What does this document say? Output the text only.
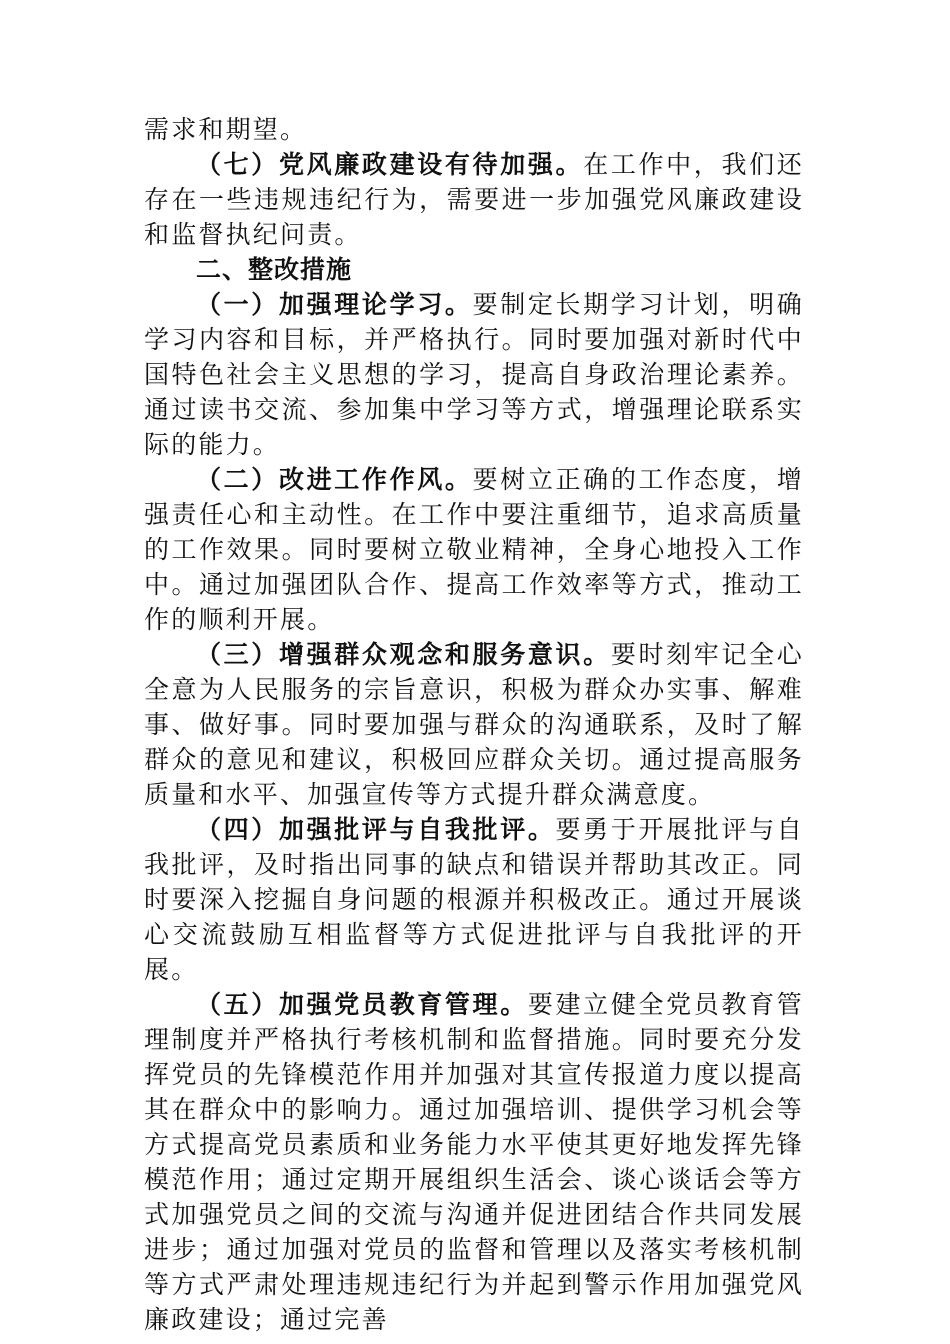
需求和期望。

（七）党风廉政建设有待加强。在工作中，我们还存在一些违规违纪行为，需要进一步加强党风廉政建设和监督执纪问责。

二、整改措施

（一）加强理论学习。要制定长期学习计划，明确学习内容和目标，并严格执行。同时要加强对新时代中国特色社会主义思想的学习，提高自身政治理论素养。通过读书交流、参加集中学习等方式，增强理论联系实际的能力。

（二）改进工作作风。要树立正确的工作态度，增强责任心和主动性。在工作中要注重细节，追求高质量的工作效果。同时要树立敬业精神，全身心地投入工作中。通过加强团队合作、提高工作效率等方式，推动工作的顺利开展。

（三）增强群众观念和服务意识。要时刻牢记全心全意为人民服务的宗旨意识，积极为群众办实事、解难事、做好事。同时要加强与群众的沟通联系，及时了解群众的意见和建议，积极回应群众关切。通过提高服务质量和水平、加强宣传等方式提升群众满意度。

（四）加强批评与自我批评。要勇于开展批评与自我批评，及时指出同事的缺点和错误并帮助其改正。同时要深入挖掘自身问题的根源并积极改正。通过开展谈心交流鼓励互相监督等方式促进批评与自我批评的开展。

（五）加强党员教育管理。要建立健全党员教育管理制度并严格执行考核机制和监督措施。同时要充分发挥党员的先锋模范作用并加强对其宣传报道力度以提高其在群众中的影响力。通过加强培训、提供学习机会等方式提高党员素质和业务能力水平使其更好地发挥先锋模范作用；通过定期开展组织生活会、谈心谈话会等方式加强党员之间的交流与沟通并促进团结合作共同发展进步；通过加强对党员的监督和管理以及落实考核机制等方式严肃处理违规违纪行为并起到警示作用加强党风廉政建设；通过完善
